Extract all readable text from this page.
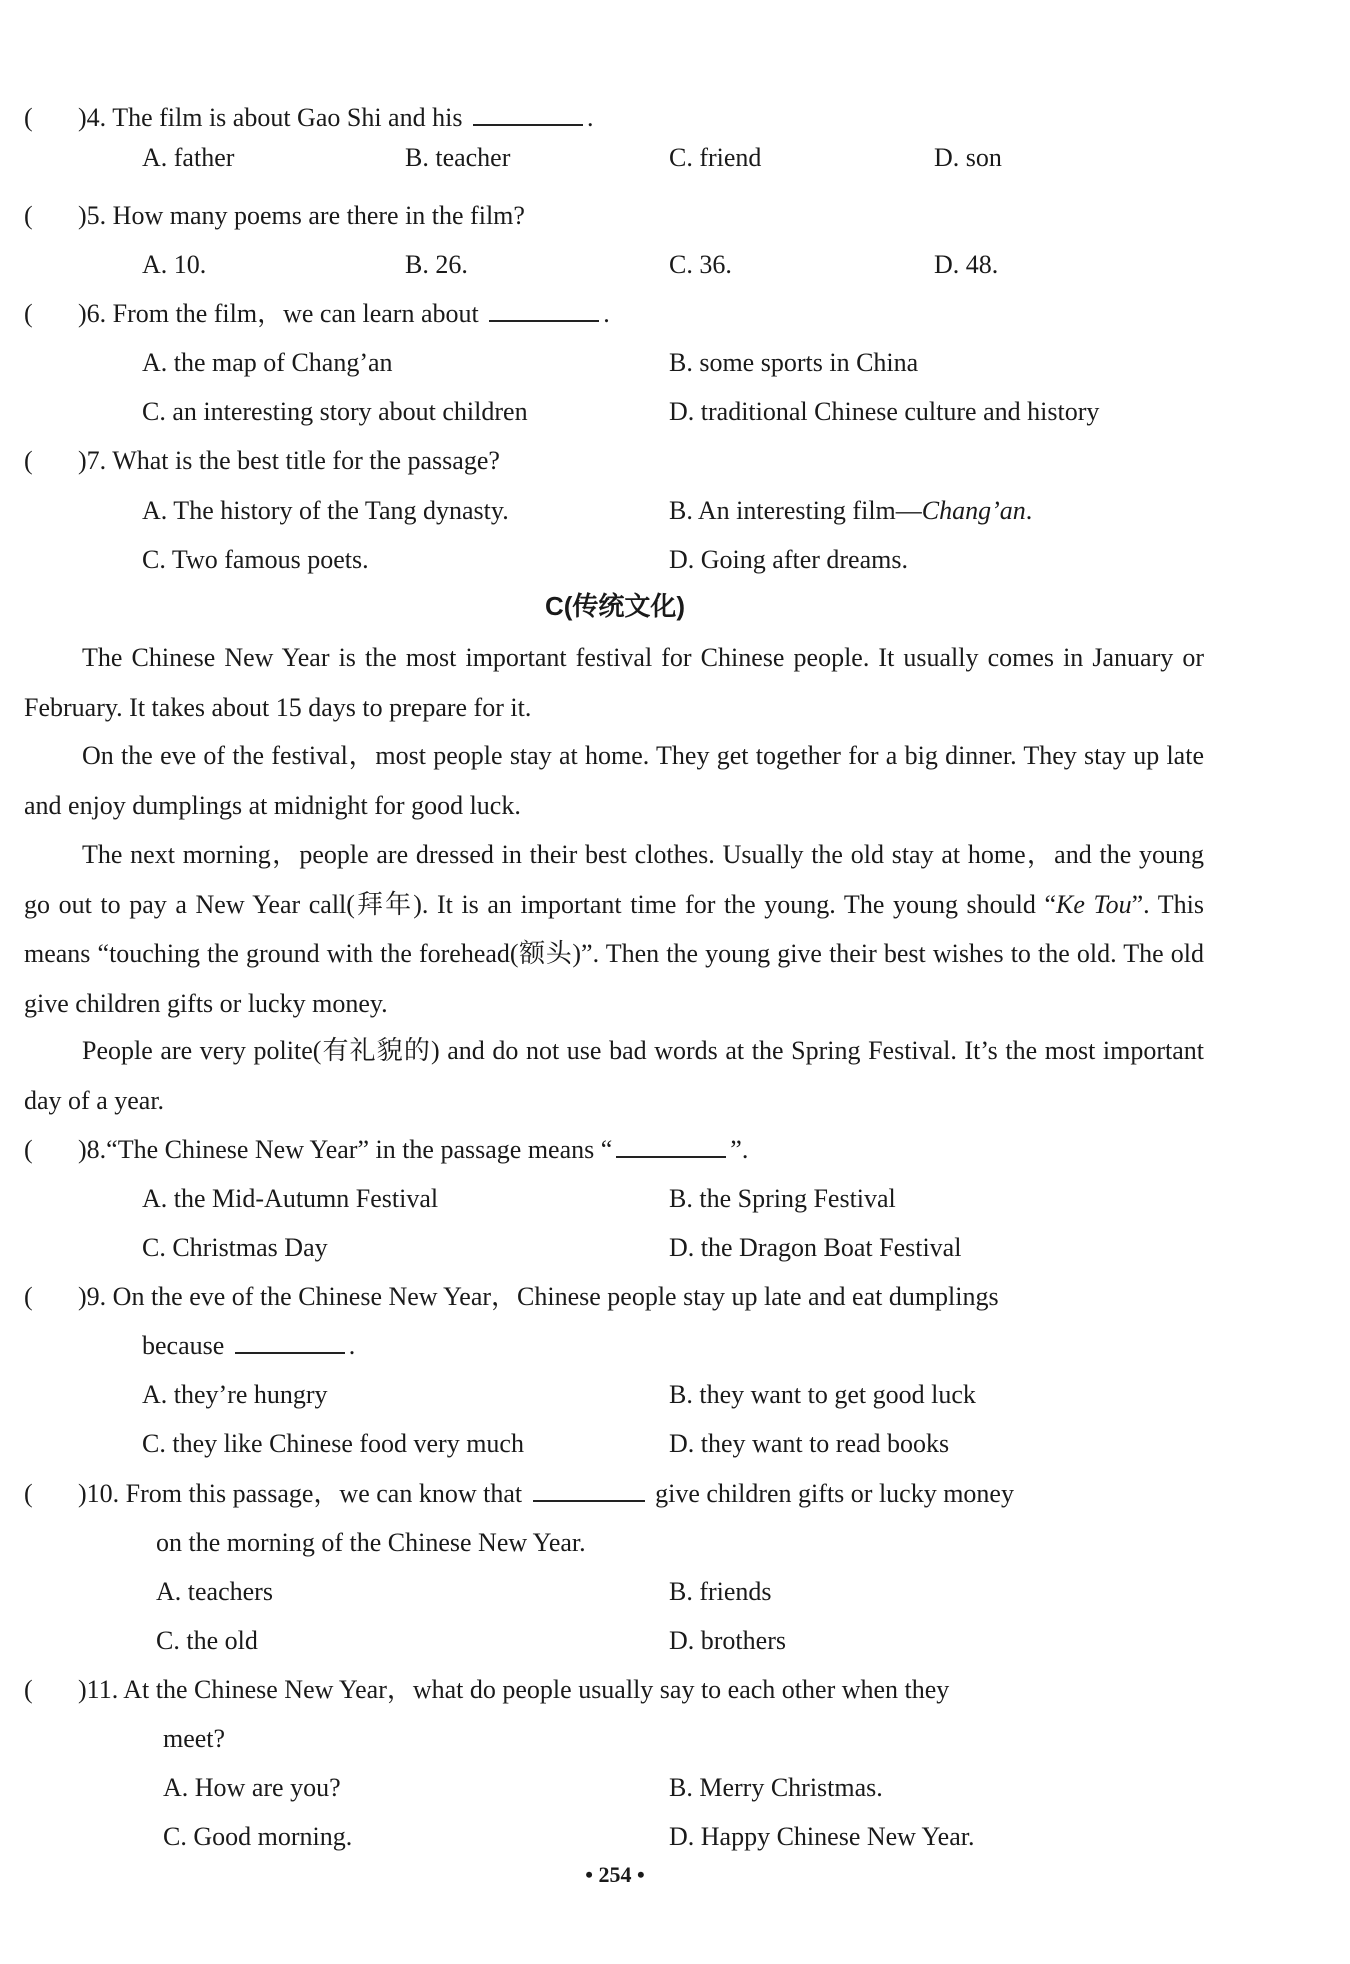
( )4. The film is about Gao Shi and his	.
A. father	B. teacher	C. friend	D. son
( )5. How many poems are there in the film?
A. 10.	B. 26.	C. 36.	D. 48.
( )6. From the film，we can learn about	.
A. the map of Chang’an	B. some sports in China
C. an interesting story about children	D. traditional Chinese culture and history
( )7. What is the best title for the passage?
A. The history of the Tang dynasty.	B. An interesting film—Chang’an.
C. Two famous poets.	D. Going after dreams.
C(传统文化)
The Chinese New Year is the most important festival for Chinese people. It usually comes in January or February. It takes about 15 days to prepare for it.
On the eve of the festival，most people stay at home. They get together for a big dinner. They stay up late and enjoy dumplings at midnight for good luck.
The next morning，people are dressed in their best clothes. Usually the old stay at home，and the young go out to pay a New Year call(拜年). It is an important time for the young. The young should “Ke Tou”. This means “touching the ground with the forehead(额头)”. Then the young give their best wishes to the old. The old give children gifts or lucky money.
People are very polite(有礼貌的) and do not use bad words at the Spring Festival. It’s the most important day of a year.
( )8.“The Chinese New Year” in the passage means “	”.
A. the Mid-Autumn Festival	B. the Spring Festival
C. Christmas Day	D. the Dragon Boat Festival
( )9. On the eve of the Chinese New Year，Chinese people stay up late and eat dumplings
because	.
A. they’re hungry	B. they want to get good luck
C. they like Chinese food very much	D. they want to read books
( )10. From this passage，we can know that	give children gifts or lucky money
on the morning of the Chinese New Year.
A. teachers	B. friends
C. the old	D. brothers
( )11. At the Chinese New Year，what do people usually say to each other when they
meet?
A. How are you?	B. Merry Christmas.
C. Good morning.	D. Happy Chinese New Year.
• 254 •
